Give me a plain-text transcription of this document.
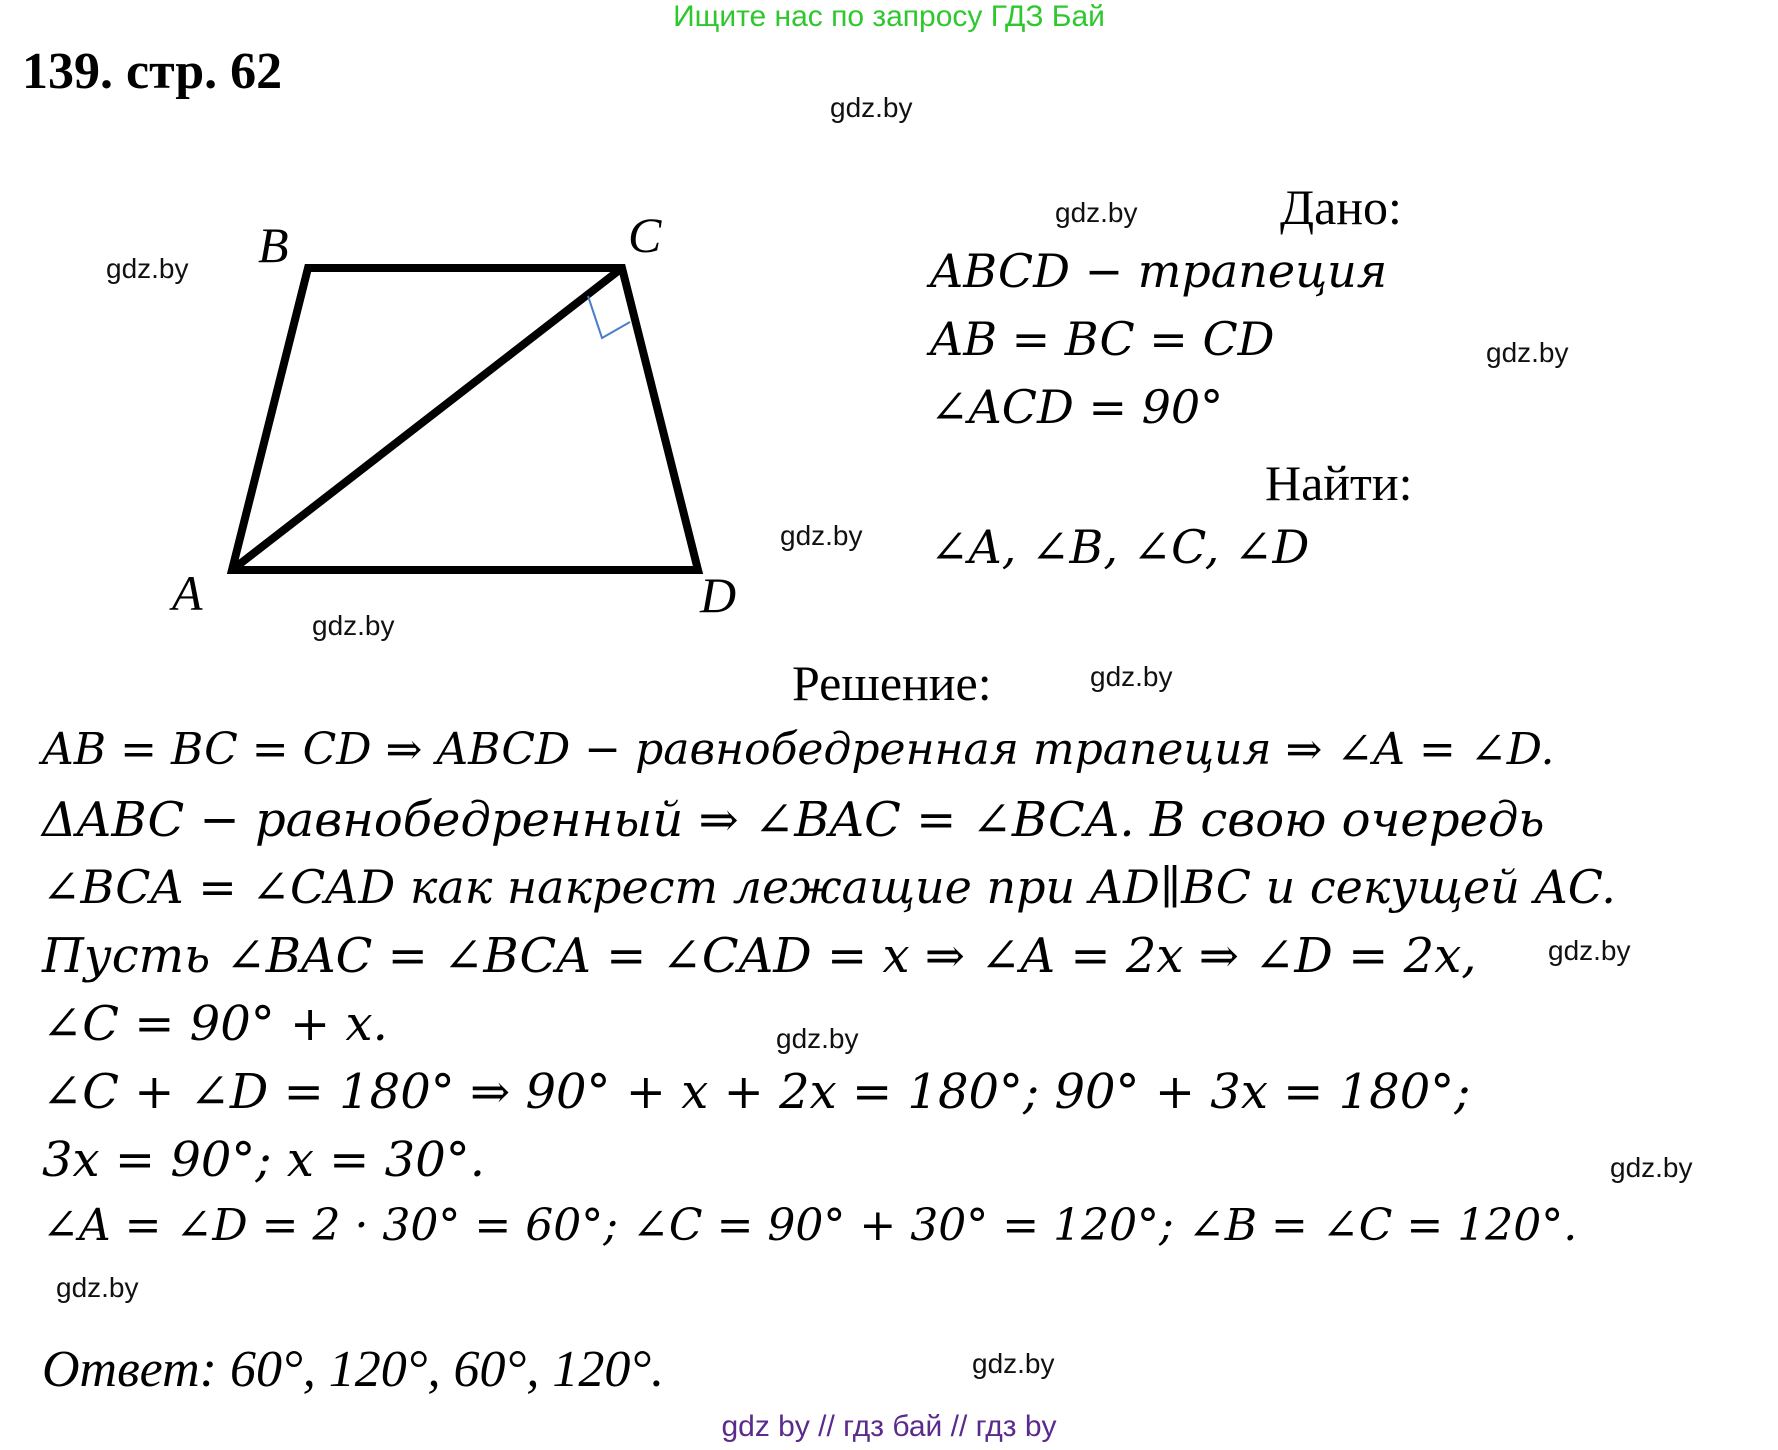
Ищите нас по запросу ГДЗ Бай
139. стр. 62
gdz.by
gdz.by
gdz.by
gdz.by
gdz.by
gdz.by
gdz.by
gdz.by
gdz.by
gdz.by
gdz.by
gdz.by
B	C
A	D
Дано:
ABCD − трапеция
AB = BC = CD
∠ACD = 90°
Найти:
∠A, ∠B, ∠C, ∠D
Решение:
AB = BC = CD ⇒ ABCD − равнобедренная трапеция ⇒ ∠A = ∠D.
ΔABC − равнобедренный ⇒ ∠BAC = ∠BCA. В свою очередь
∠BCA = ∠CAD как накрест лежащие при AD∥BC и секущей AC.
Пусть ∠BAC = ∠BCA = ∠CAD = x ⇒ ∠A = 2x ⇒ ∠D = 2x,
∠C = 90° + x.
∠C + ∠D = 180° ⇒ 90° + x + 2x = 180°; 90° + 3x = 180°;
3x = 90°; x = 30°.
∠A = ∠D = 2 · 30° = 60°; ∠C = 90° + 30° = 120°; ∠B = ∠C = 120°.
Ответ: 60°, 120°, 60°, 120°.
gdz by // гдз бай // гдз by
